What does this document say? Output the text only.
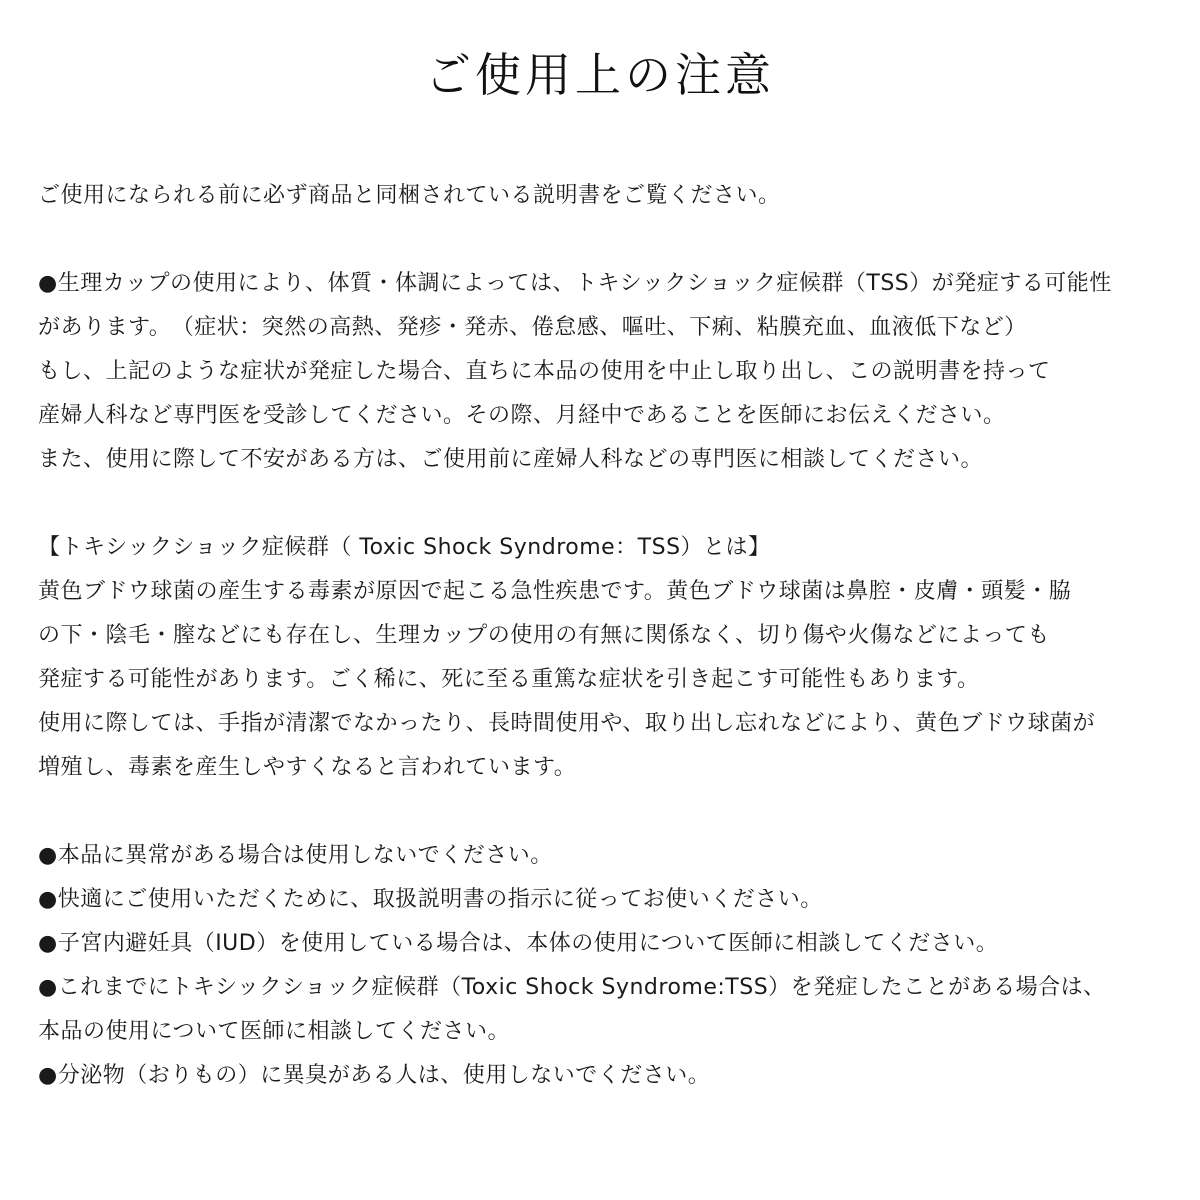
ご使用上の注意
ご使用になられる前に必ず商品と同梱されている説明書をご覧ください。
●生理カップの使用により、体質・体調によっては、トキシックショック症候群（TSS）が発症する可能性
があります。　（症状：突然の高熱、発疹・発赤、倦怠感、嘔吐、下痢、粘膜充血、血液低下など）
もし、上記のような症状が発症した場合、直ちに本品の使用を中止し取り出し、この説明書を持って
産婦人科など専門医を受診してください。その際、月経中であることを医師にお伝えください。
また、使用に際して不安がある方は、ご使用前に産婦人科などの専門医に相談してください。
【トキシックショック症候群（ Toxic Shock Syndrome：TSS）とは】
黄色ブドウ球菌の産生する毒素が原因で起こる急性疾患です。黄色ブドウ球菌は鼻腔・皮膚・頭髪・脇
の下・陰毛・膣などにも存在し、生理カップの使用の有無に関係なく、切り傷や火傷などによっても
発症する可能性があります。ごく稀に、死に至る重篤な症状を引き起こす可能性もあります。
使用に際しては、手指が清潔でなかったり、長時間使用や、取り出し忘れなどにより、黄色ブドウ球菌が
増殖し、毒素を産生しやすくなると言われています。
●本品に異常がある場合は使用しないでください。
●快適にご使用いただくために、取扱説明書の指示に従ってお使いください。
●子宮内避妊具（IUD）を使用している場合は、本体の使用について医師に相談してください。
●これまでにトキシックショック症候群（Toxic Shock Syndrome:TSS）を発症したことがある場合は、
本品の使用について医師に相談してください。
●分泌物（おりもの）に異臭がある人は、使用しないでください。
